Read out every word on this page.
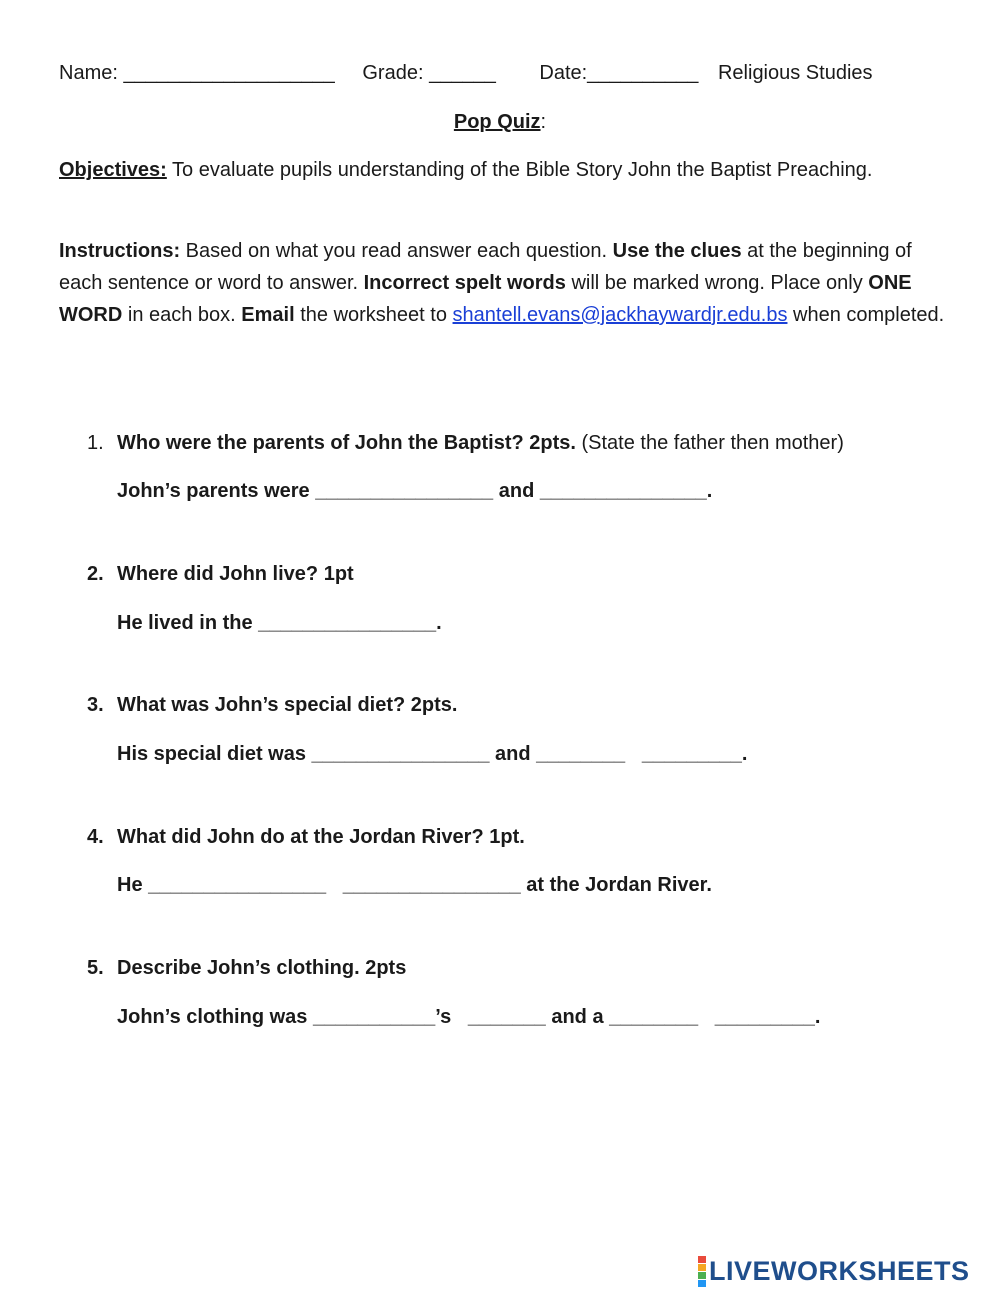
Name: ___________________ Grade: ______ Date:__________ Religious Studies
Pop Quiz:
Objectives: To evaluate pupils understanding of the Bible Story John the Baptist Preaching.
Instructions: Based on what you read answer each question. Use the clues at the beginning of each sentence or word to answer. Incorrect spelt words will be marked wrong. Place only ONE WORD in each box. Email the worksheet to shantell.evans@jackhaywardjr.edu.bs when completed.
1. Who were the parents of John the Baptist? 2pts. (State the father then mother)
John’s parents were ________________ and _______________.
2. Where did John live? 1pt
He lived in the ________________.
3. What was John’s special diet? 2pts.
His special diet was ________________ and ________   _________.
4. What did John do at the Jordan River? 1pt.
He ________________   ________________ at the Jordan River.
5. Describe John’s clothing. 2pts
John’s clothing was ___________’s   _______ and a ________   _________.
LIVEWORKSHEETS
